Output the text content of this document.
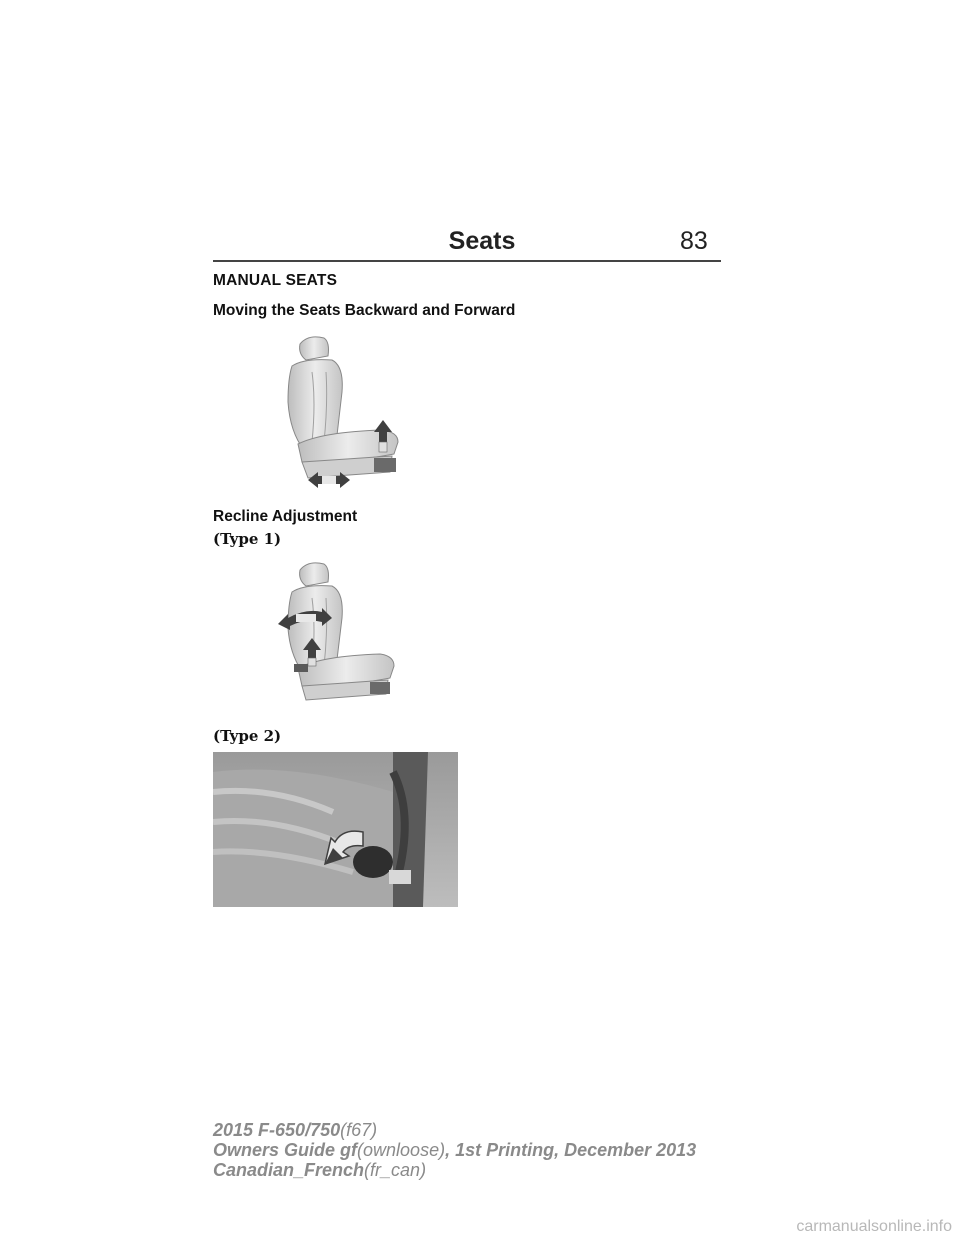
Seats	83
MANUAL SEATS
Moving the Seats Backward and Forward
Recline Adjustment
(Type 1)
(Type 2)
2015 F-650/750(f67)
Owners Guide gf(ownloose), 1st Printing, December 2013
Canadian_French(fr_can)
carmanualsonline.info
